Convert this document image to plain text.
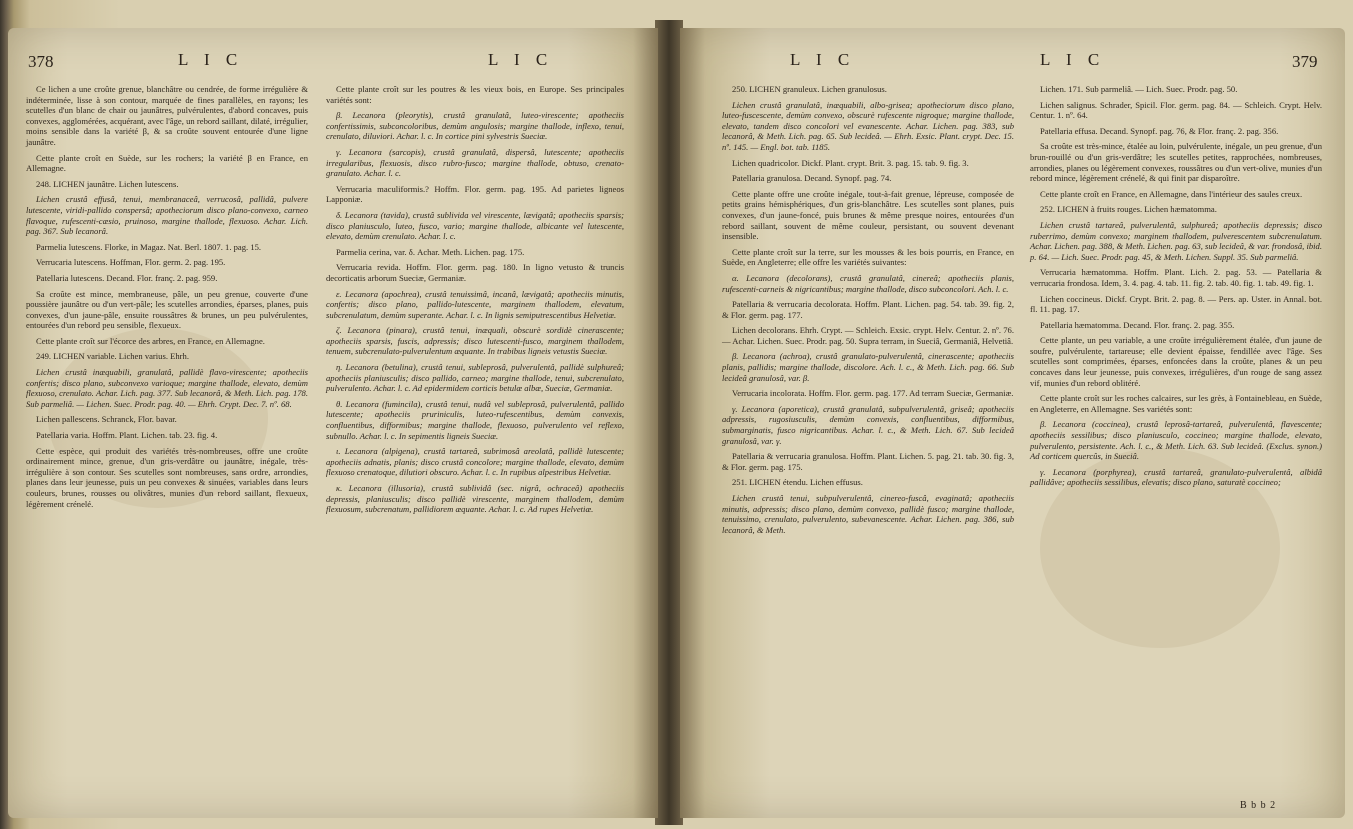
378	L I C	L I C

Ce lichen a une croûte grenue, blanchâtre ou cendrée, de forme irrégulière & indéterminée, lisse à son contour, marquée de fines parallèles, en rayons; les scutelles d'un blanc de chair ou jaunâtres, pulvérulentes, d'abord concaves, puis convexes, agglomérées, acquérant, avec l'âge, un rebord saillant, dilaté, irrégulier, moins sensible dans la variété β, & sa croûte souvent entourée d'une ligne jaunâtre.

Cette plante croît en Suède, sur les rochers; la variété β en France, en Allemagne.

248. LICHEN jaunâtre. Lichen lutescens.

Lichen crustâ effusâ, tenui, membranaceâ, verrucosâ, pallidâ, pulvere lutescente, viridi-pallido conspersâ; apotheciorum disco plano-convexo, carneo flavoque, rufescenti-cæsio, pruinoso, margine thallode, flexuoso. Achar. Lich. pag. 367. Sub lecanorâ.

Parmelia lutescens. Florke, in Magaz. Nat. Berl. 1807. 1. pag. 15.

Verrucaria lutescens. Hoffman, Flor. germ. 2. pag. 195.

Patellaria lutescens. Decand. Flor. franç. 2. pag. 959.

Sa croûte est mince, membraneuse, pâle, un peu grenue, couverte d'une poussière jaunâtre ou d'un vert-pâle; les scutelles arrondies, éparses, planes, puis convexes, d'un jaune-pâle, ensuite roussâtres & brunes, un peu pulvérulentes, entourées d'un rebord peu sensible, flexueux.

Cette plante croît sur l'écorce des arbres, en France, en Allemagne.

249. LICHEN variable. Lichen varius. Ehrh.

Lichen crustâ inæquabili, granulatâ, pallidè flavo-virescente; apotheciis confertis; disco plano, subconvexo varioque; margine thallode, elevato, demùm flexuoso, crenulato. Achar. Lich. pag. 377. Sub lecanorâ, & Meth. Lich. pag. 178. Sub parmeliâ. — Lichen. Suec. Prodr. pag. 40. — Ehrh. Crypt. Dec. 7. nº. 68.

Lichen pallescens. Schranck, Flor. bavar.

Patellaria varia. Hoffm. Plant. Lichen. tab. 23. fig. 4.

Cette espèce, qui produit des variétés très-nombreuses, offre une croûte ordinairement mince, grenue, d'un gris-verdâtre ou jaunâtre, inégale, très-irrégulière à son contour. Ses scutelles sont nombreuses, sans ordre, arrondies, planes dans leur jeunesse, puis un peu convexes & sinuées, variables dans leurs couleurs, brunes, rousses ou olivâtres, munies d'un rebord saillant, flexueux, légèrement crénelé.

Cette plante croît sur les poutres & les vieux bois, en Europe. Ses principales variétés sont:

β. Lecanora (pleorytis), crustâ granulatâ, luteo-virescente; apotheciis confertissimis, subconcoloribus, demùm angulosis; margine thallode, inflexo, tenui, crenulato, diluviori. Achar. l. c. In cortice pini sylvestris Sueciæ.

γ. Lecanora (sarcopis), crustâ granulatâ, dispersâ, lutescente; apotheciis irregularibus, flexuosis, disco rubro-fusco; margine thallode, obtuso, crenato-granulato. Achar. l. c.

Verrucaria maculiformis.? Hoffm. Flor. germ. pag. 195. Ad parietes ligneos Lapponiæ.

δ. Lecanora (tavida), crustâ sublivida vel virescente, lævigatâ; apotheciis sparsis; disco planiusculo, luteo, fusco, vario; margine thallode, albicante vel lutescente, elevato, demùm crenulato. Achar. l. c.

Parmelia cerina, var. δ. Achar. Meth. Lichen. pag. 175.

Verrucaria revida. Hoffm. Flor. germ. pag. 180. In ligno vetusto & truncis decorticatis arborum Sueciæ, Germaniæ.

ε. Lecanora (apochrea), crustâ tenuissimâ, incanâ, lævigatâ; apotheciis minutis, confertis; disco plano, pallido-lutescente, marginem thallodem, elevatum, subcrenulatum, demùm superante. Achar. l. c. In lignis semiputrescentibus Helvetiæ.

ζ. Lecanora (pinara), crustâ tenui, inæquali, obscurè sordidè cinerascente; apotheciis sparsis, fuscis, adpressis; disco lutescenti-fusco, marginem thallodem, tenuem, subcrenulato-pulverulentum æquante. In trabibus ligneis vetustis Sueciæ.

η. Lecanora (betulina), crustâ tenui, subleprosâ, pulverulentâ, pallidè sulphureâ; apotheciis planiusculis; disco pallido, carneo; margine thallode, tenui, subcrenulato, pulverulento. Achar. l. c. Ad epidermidem corticis betulæ albæ, Sueciæ, Germaniæ.

θ. Lecanora (fumincila), crustâ tenui, nudâ vel subleprosâ, pulverulentâ, pallido lutescente; apotheciis pruriniculis, luteo-rufescentibus, demùm convexis, confluentibus, difformibus; margine thallode, flexuoso, pulverulento vel reflexo, subnullo. Achar. l. c. In sepimentis ligneis Sueciæ.

ι. Lecanora (alpigena), crustâ tartareâ, subrimosâ areolatâ, pallidè lutescente; apotheciis adnatis, planis; disco crustâ concolore; margine thallode, elevato, demùm flexuoso crenatoque, dilutiori obscuro. Achar. l. c. In rupibus alpestribus Helvetiæ.

κ. Lecanora (illusoria), crustâ sublividâ (sec. nigrâ, ochraceâ) apotheciis depressis, planiusculis; disco pallidè virescente, marginem thallodem, demùm flexuosum, subcrenatum, pallidiorem æquante. Achar. l. c. Ad rupes Helvetiæ.

L I C	L I C	379

250. LICHEN granuleux. Lichen granulosus.

Lichen crustâ granulatâ, inæquabili, albo-grisea; apotheciorum disco plano, luteo-fuscescente, demùm convexo, obscurè rufescente nigroque; margine thallode, elevato, tandem disco concolori vel evanescente. Achar. Lichen. pag. 383, sub lecanorâ, & Meth. Lich. pag. 65. Sub lecideâ. — Ehrh. Exsic. Plant. crypt. Dec. 15. nº. 145. — Engl. bot. tab. 1185.

Lichen quadricolor. Dickf. Plant. crypt. Brit. 3. pag. 15. tab. 9. fig. 3.

Patellaria granulosa. Decand. Synopf. pag. 74.

Cette plante offre une croûte inégale, tout-à-fait grenue, lépreuse, composée de petits grains hémisphériques, d'un gris-blanchâtre. Les scutelles sont planes, puis convexes, d'un jaune-foncé, puis brunes & même presque noires, entourées d'un rebord saillant, souvent de même couleur, persistant, ou souvent devenant insensible.

Cette plante croît sur la terre, sur les mousses & les bois pourris, en France, en Suède, en Angleterre; elle offre les variétés suivantes:

α. Lecanora (decolorans), crustâ granulatâ, cinereâ; apotheciis planis, rufescenti-carneis & nigricantibus; margine thallode, disco subconcolori. Ach. l. c.

Patellaria & verrucaria decolorata. Hoffm. Plant. Lichen. pag. 54. tab. 39. fig. 2, & Flor. germ. pag. 177.

Lichen decolorans. Ehrh. Crypt. — Schleich. Exsic. crypt. Helv. Centur. 2. nº. 76. — Achar. Lichen. Suec. Prodr. pag. 50. Supra terram, in Sueciâ, Germaniâ, Helvetiâ.

β. Lecanora (achroa), crustâ granulato-pulverulentâ, cinerascente; apotheciis planis, pallidis; margine thallode, discolore. Ach. l. c., & Meth. Lich. pag. 66. Sub lecideâ granulosâ, var. β.

Verrucaria incolorata. Hoffm. Flor. germ. pag. 177. Ad terram Sueciæ, Germaniæ.

γ. Lecanora (aporetica), crustâ granulatâ, subpulverulentâ, griseâ; apotheciis adpressis, rugosiusculis, demùm convexis, confluentibus, difformibus, submarginatis, fusco nigricantibus. Achar. l. c., & Meth. Lich. 67. Sub lecideâ granulosâ, var. γ.

Patellaria & verrucaria granulosa. Hoffm. Plant. Lichen. 5. pag. 21. tab. 30. fig. 3, & Flor. germ. pag. 175.

251. LICHEN étendu. Lichen effusus.

Lichen crustâ tenui, subpulverulentâ, cinereo-fuscâ, evaginatâ; apotheciis minutis, adpressis; disco plano, demùm convexo, pallidè fusco; margine thallode, tenuissimo, crenulato, pulverulento, subevanescente. Achar. Lichen. pag. 386, sub lecanorâ, & Meth.

Lichen. 171. Sub parmeliâ. — Lich. Suec. Prodr. pag. 50.

Lichen salignus. Schrader, Spicil. Flor. germ. pag. 84. — Schleich. Crypt. Helv. Centur. 1. nº. 64.

Patellaria effusa. Decand. Synopf. pag. 76, & Flor. franç. 2. pag. 356.

Sa croûte est très-mince, étalée au loin, pulvérulente, inégale, un peu grenue, d'un brun-rouillé ou d'un gris-verdâtre; les scutelles petites, rapprochées, nombreuses, arrondies, planes ou légèrement convexes, roussâtres ou d'un vert-olive, munies d'un rebord mince, légèrement crénelé, & qui finit par disparoître.

Cette plante croît en France, en Allemagne, dans l'intérieur des saules creux.

252. LICHEN à fruits rouges. Lichen hæmatomma.

Lichen crustâ tartareâ, pulverulentâ, sulphureâ; apotheciis depressis; disco ruberrimo, demùm convexo; marginem thallodem, pulverescentem subcrenulatum. Achar. Lichen. pag. 388, & Meth. Lichen. pag. 63, sub lecideâ, & var. frondosâ, ibid. p. 64. — Lich. Suec. Prodr. pag. 45, & Meth. Lichen. Suppl. 35. Sub parmeliâ.

Verrucaria hæmatomma. Hoffm. Plant. Lich. 2. pag. 53. — Patellaria & verrucaria frondosa. Idem, 3. 4. pag. 4. tab. 11. fig. 2. tab. 40. fig. 1. tab. 49. fig. 1.

Lichen coccineus. Dickf. Crypt. Brit. 2. pag. 8. — Pers. ap. Uster. in Annal. bot. fl. 11. pag. 17.

Patellaria hæmatomma. Decand. Flor. franç. 2. pag. 355.

Cette plante, un peu variable, a une croûte irrégulièrement étalée, d'un jaune de soufre, pulvérulente, tartareuse; elle devient épaisse, fendillée avec l'âge. Ses scutelles sont comprimées, éparses, enfoncées dans la croûte, planes & un peu concaves dans leur jeunesse, puis convexes, irrégulières, d'un rouge de sang assez vif, munies d'un rebord oblitéré.

Cette plante croît sur les roches calcaires, sur les grès, à Fontainebleau, en Suède, en Angleterre, en Allemagne. Ses variétés sont:

β. Lecanora (coccinea), crustâ leprosâ-tartareâ, pulverulentâ, flavescente; apotheciis sessilibus; disco planiusculo, coccineo; margine thallode, elevato, pulverulento, persistente. Ach. l. c., & Meth. Lich. 63. Sub lecideâ. (Exclus. synon.) Ad corticem quercûs, in Sueciâ.

γ. Lecanora (porphyrea), crustâ tartareâ, granulato-pulverulentâ, albidâ pallidâve; apotheciis sessilibus, elevatis; disco plano, saturatè coccineo;

B b b 2
